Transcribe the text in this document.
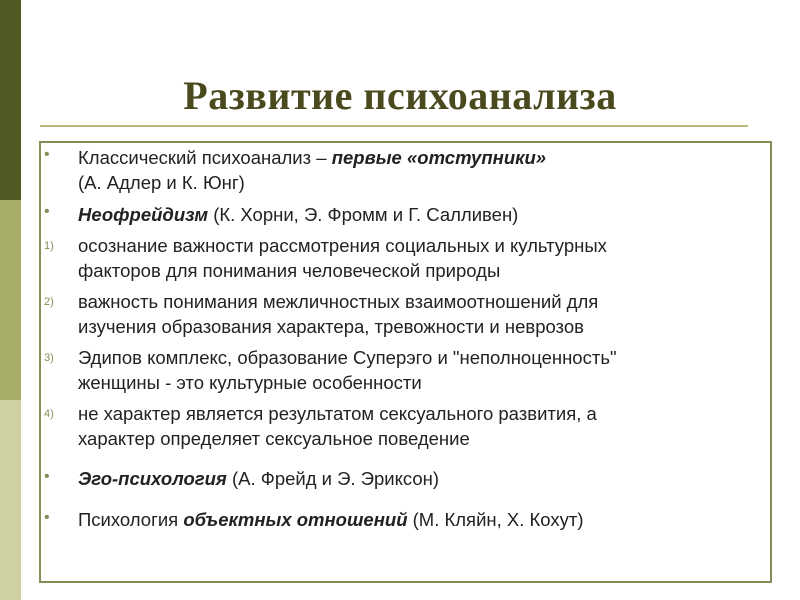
Развитие психоанализа
• Классический психоанализ – первые «отступники»
(А. Адлер и К. Юнг)
• Неофрейдизм (К. Хорни, Э. Фромм и Г. Салливен)
1) осознание важности рассмотрения социальных и культурных
факторов для понимания человеческой природы
2) важность понимания межличностных взаимоотношений для
изучения образования характера, тревожности и неврозов
3) Эдипов комплекс, образование Суперэго и "неполноценность"
женщины - это культурные особенности
4) не характер является результатом сексуального развития, а
характер определяет сексуальное поведение
• Эго-психология (А. Фрейд и Э. Эриксон)
• Психология объектных отношений (М. Кляйн, Х. Кохут)
